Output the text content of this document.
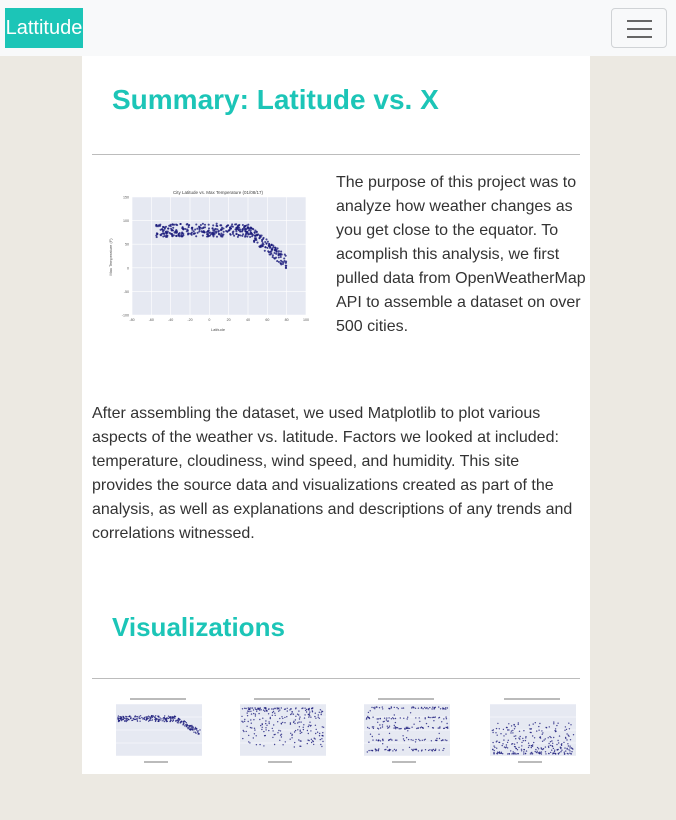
Lattitude
Summary: Latitude vs. X
City Latitude vs. Max Temperature (01/08/17)
150
100
50
0
-50
-100
-80	-60	-40	-20	0	20	40	60	80	100
Max Temperature (F)
Latitude

The purpose of this project was to analyze how weather changes as you get close to the equator. To acomplish this analysis, we first pulled data from OpenWeatherMap API to assemble a dataset on over 500 cities.

After assembling the dataset, we used Matplotlib to plot various aspects of the weather vs. latitude. Factors we looked at included: temperature, cloudiness, wind speed, and humidity. This site provides the source data and visualizations created as part of the analysis, as well as explanations and descriptions of any trends and correlations witnessed.

Visualizations
